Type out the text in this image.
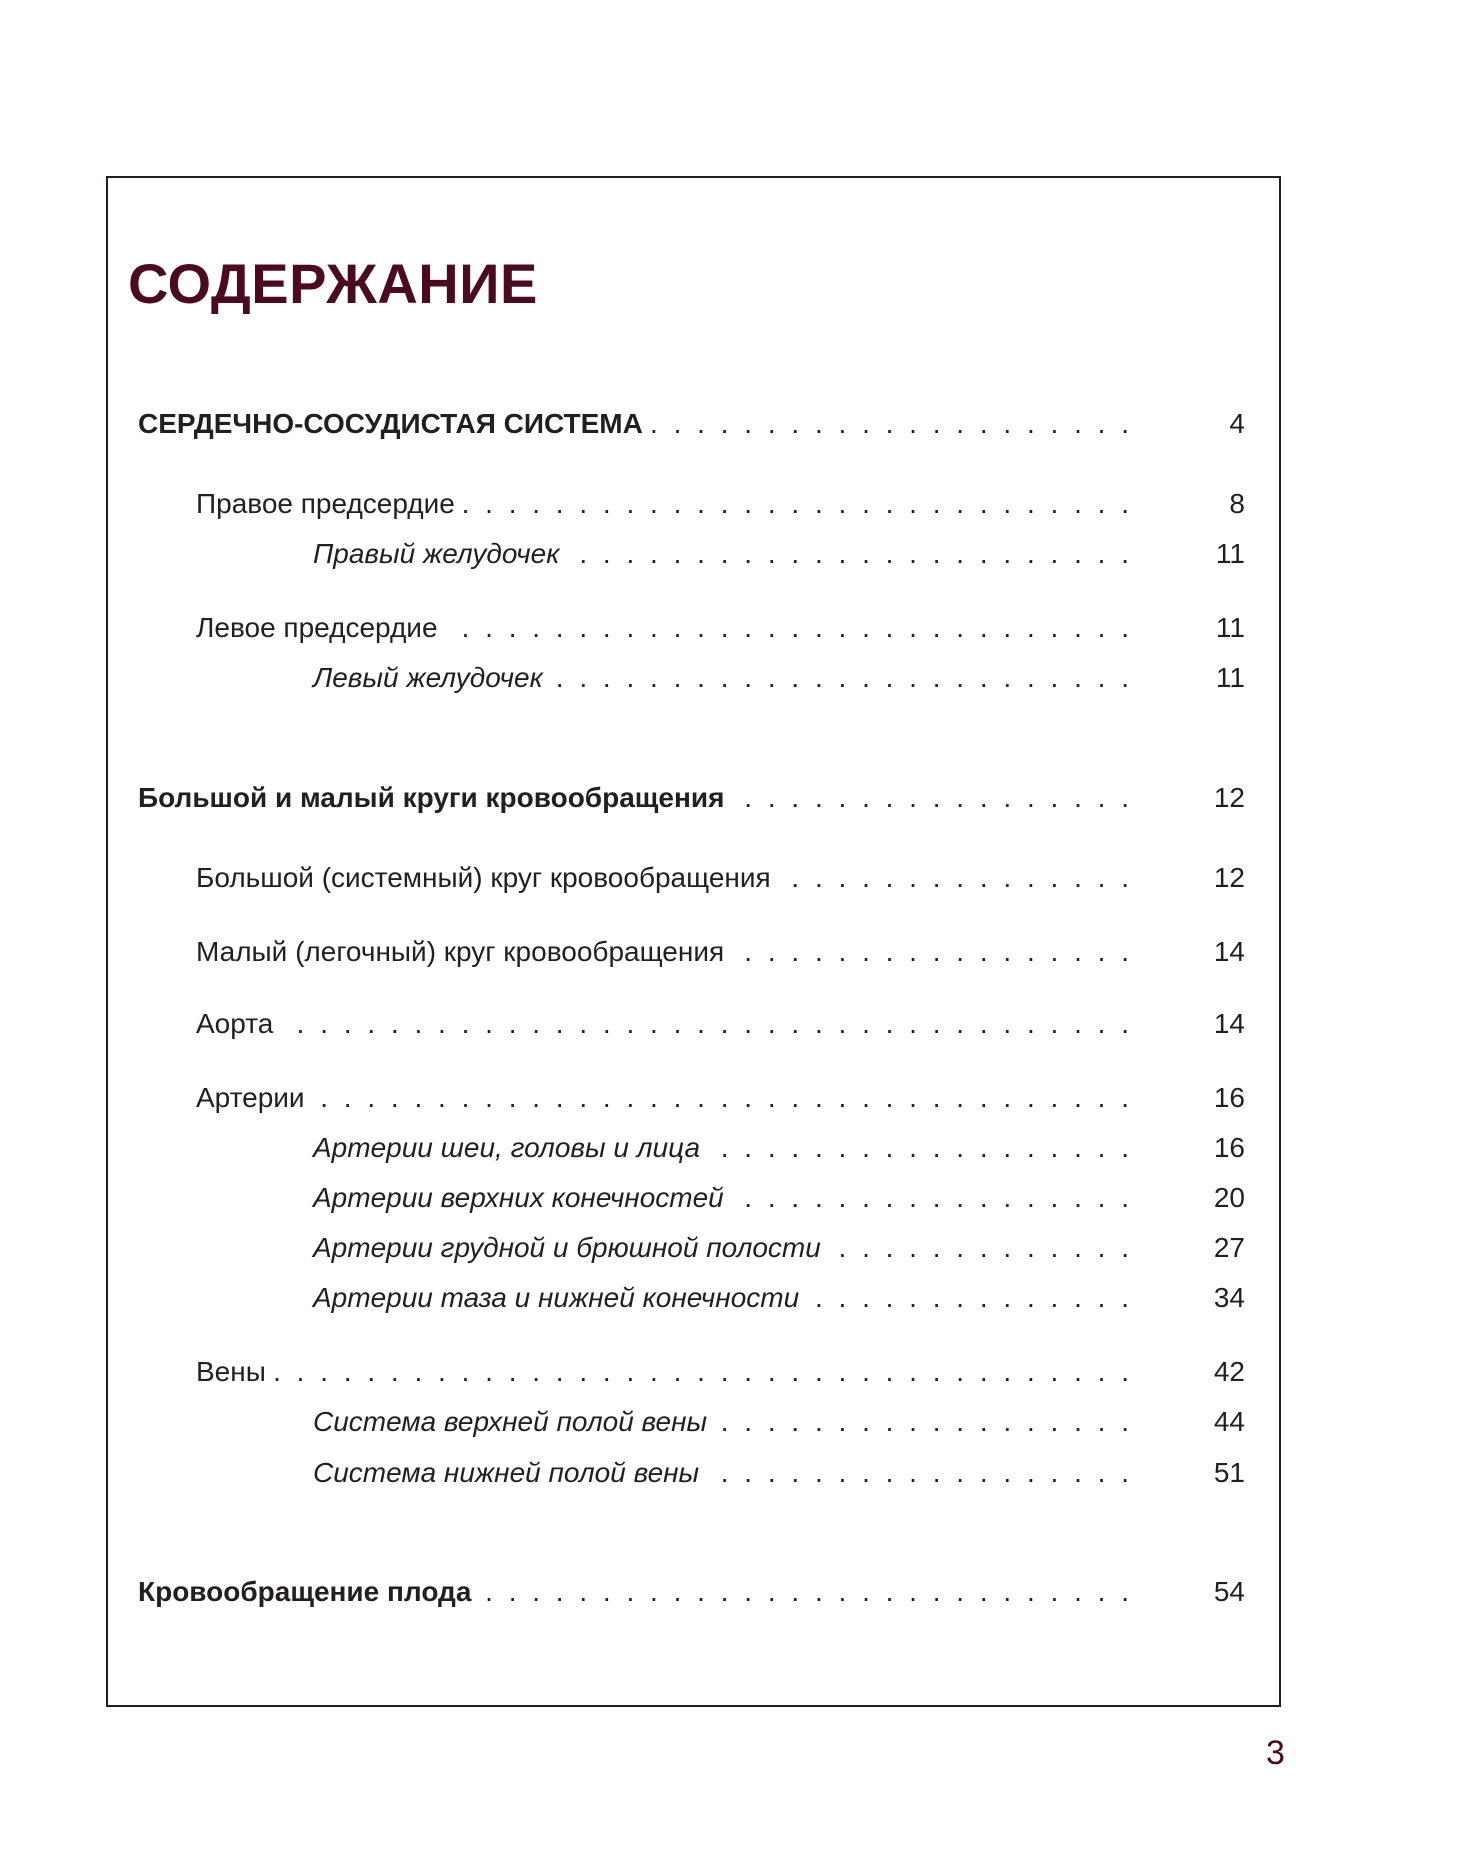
СОДЕРЖАНИЕ
СЕРДЕЧНО-СОСУДИСТАЯ СИСТЕМА . . .	4
Правое предсердие . . .	8
Правый желудочек . . .	11
Левое предсердие . . .	11
Левый желудочек . . .	11
Большой и малый круги кровообращения . . .	12
Большой (системный) круг кровообращения . . .	12
Малый (легочный) круг кровообращения . . .	14
Аорта . . .	14
Артерии . . .	16
Артерии шеи, головы и лица . . .	16
Артерии верхних конечностей . . .	20
Артерии грудной и брюшной полости . . .	27
Артерии таза и нижней конечности . . .	34
Вены . . .	42
Система верхней полой вены . . .	44
Система нижней полой вены . . .	51
Кровообращение плода . . .	54
3
